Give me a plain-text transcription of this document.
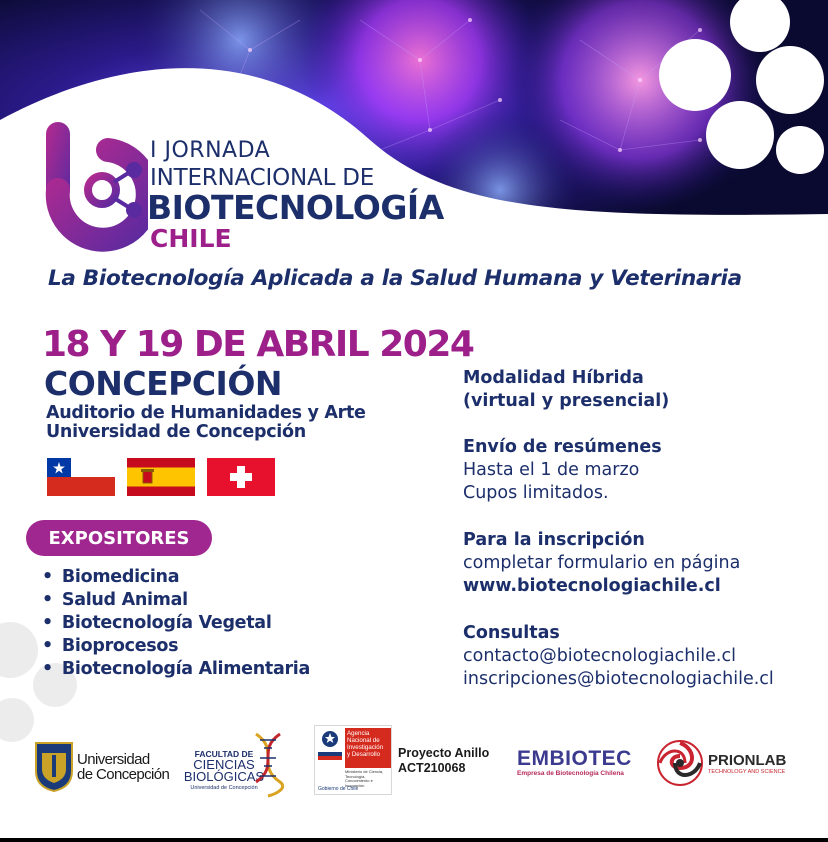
I JORNADA
INTERNACIONAL DE
BIOTECNOLOGÍA
CHILE
La Biotecnología Aplicada a la Salud Humana y Veterinaria
18 Y 19 DE ABRIL 2024
CONCEPCIÓN
Auditorio de Humanidades y Arte
Universidad de Concepción
EXPOSITORES
• Biomedicina
• Salud Animal
• Biotecnología Vegetal
• Bioprocesos
• Biotecnología Alimentaria
Modalidad Híbrida
(virtual y presencial)
Envío de resúmenes
Hasta el 1 de marzo
Cupos limitados.
Para la inscripción
completar formulario en página
www.biotecnologiachile.cl
Consultas
contacto@biotecnologiachile.cl
inscripciones@biotecnologiachile.cl
Universidad
de Concepción
FACULTAD DE
CIENCIAS
BIOLÓGICAS
Universidad de Concepción
Agencia
Nacional de
Investigación
y Desarrollo
Ministerio de Ciencia, Tecnología, Conocimiento e Innovación
Gobierno de Chile
Proyecto Anillo
ACT210068	EMBIOTEC
Empresa de Biotecnología Chilena
PRIONLAB
TECHNOLOGY AND SCIENCE
